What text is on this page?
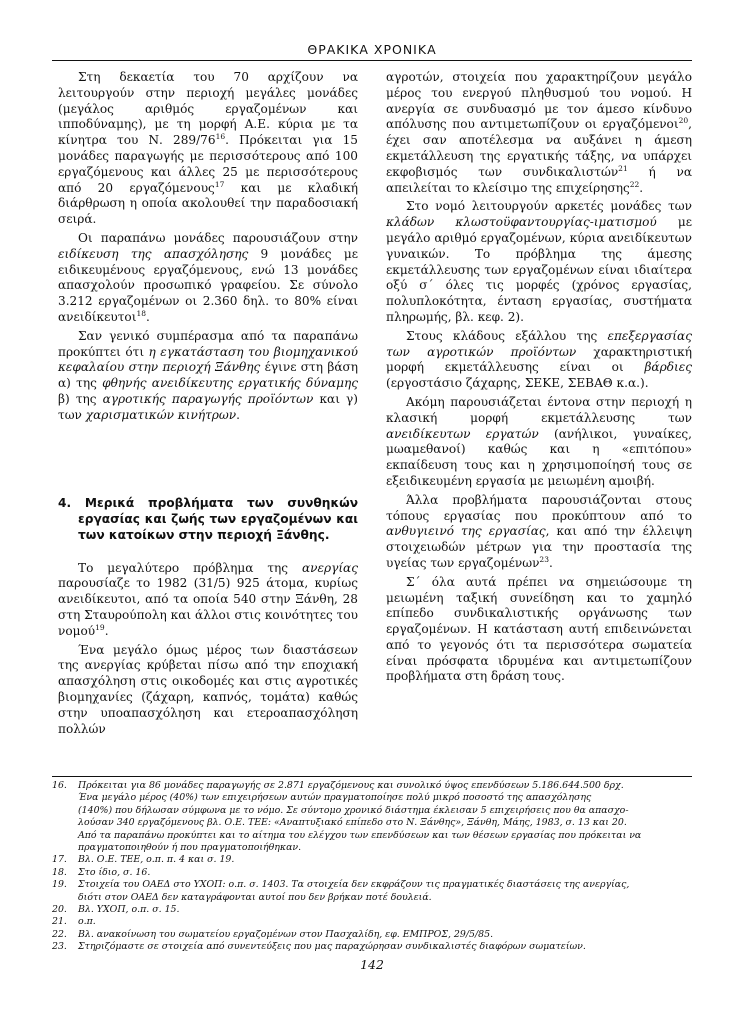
ΘΡΑΚΙΚΑ ΧΡΟΝΙΚΑ

Στη δεκαετία του 70 αρχίζουν να λειτουργούν στην περιοχή μεγάλες μονάδες (μεγάλος αριθμός εργαζομένων και ιπποδύναμης), με τη μορφή Α.Ε. κύρια με τα κίνητρα του Ν. $289/76^{16}$. Πρόκειται για 15 μονάδες παραγωγής με περισσότερους από 100 εργαζόμενους και άλλες 25 με περισσότερους από 20 εργαζόμενους$^{17}$ και με κλαδική διάρθρωση η οποία ακολουθεί την παραδοσιακή σειρά.

Οι παραπάνω μονάδες παρουσιάζουν στην ειδίκευση της απασχόλησης 9 μονάδες με ειδικευμένους εργαζόμενους, ενώ 13 μονάδες απασχολούν προσωπικό γραφείου. Σε σύνολο 3.212 εργαζομένων οι 2.360 δηλ. το 80% είναι ανειδίκευτοι$^{18}$.

Σαν γενικό συμπέρασμα από τα παραπάνω προκύπτει ότι η εγκατάσταση του βιομηχανικού κεφαλαίου στην περιοχή Ξάνθης έγινε στη βάση α) της φθηνής ανειδίκευτης εργατικής δύναμης β) της αγροτικής παραγωγής προϊόντων και γ) των χαρισματικών κινήτρων.

4. Μερικά προβλήματα των συνθηκών εργασίας και ζωής των εργαζομένων και των κατοίκων στην περιοχή Ξάνθης.

Το μεγαλύτερο πρόβλημα της ανεργίας παρουσίαζε το 1982 (31/5) 925 άτομα, κυρίως ανειδίκευτοι, από τα οποία 540 στην Ξάνθη, 28 στη Σταυρούπολη και άλλοι στις κοινότητες του νομού$^{19}$.

Ένα μεγάλο όμως μέρος των διαστάσεων της ανεργίας κρύβεται πίσω από την εποχιακή απασχόληση στις οικοδομές και στις αγροτικές βιομηχανίες (ζάχαρη, καπνός, τομάτα) καθώς στην υποαπασχόληση και ετεροαπασχόληση πολλών

αγροτών, στοιχεία που χαρακτηρίζουν μεγάλο μέρος του ενεργού πληθυσμού του νομού. Η ανεργία σε συνδυασμό με τον άμεσο κίνδυνο απόλυσης που αντιμετωπίζουν οι εργαζόμενοι$^{20}$, έχει σαν αποτέλεσμα να αυξάνει η άμεση εκμετάλλευση της εργατικής τάξης, να υπάρχει εκφοβισμός των συνδικαλιστών$^{21}$ ή να απειλείται το κλείσιμο της επιχείρησης$^{22}$.

Στο νομό λειτουργούν αρκετές μονάδες των κλάδων κλωστοϋφαντουργίας-ιματισμού με μεγάλο αριθμό εργαζομένων, κύρια ανειδίκευτων γυναικών. Το πρόβλημα της άμεσης εκμετάλλευσης των εργαζομένων είναι ιδιαίτερα οξύ σ΄ όλες τις μορφές (χρόνος εργασίας, πολυπλοκότητα, ένταση εργασίας, συστήματα πληρωμής, βλ. κεφ. 2).

Στους κλάδους εξάλλου της επεξεργασίας των αγροτικών προϊόντων χαρακτηριστική μορφή εκμετάλλευσης είναι οι βάρδιες (εργοστάσιο ζάχαρης, ΣΕΚΕ, ΣΕΒΑΘ κ.α.).

Ακόμη παρουσιάζεται έντονα στην περιοχή η κλασική μορφή εκμετάλλευσης των ανειδίκευτων εργατών (ανήλικοι, γυναίκες, μωαμεθανοί) καθώς και η «επιτόπου» εκπαίδευση τους και η χρησιμοποίησή τους σε εξειδικευμένη εργασία με μειωμένη αμοιβή.

Άλλα προβλήματα παρουσιάζονται στους τόπους εργασίας που προκύπτουν από το ανθυγιεινό της εργασίας, και από την έλλειψη στοιχειωδών μέτρων για την προστασία της υγείας των εργαζομένων$^{23}$.

Σ΄ όλα αυτά πρέπει να σημειώσουμε τη μειωμένη ταξική συνείδηση και το χαμηλό επίπεδο συνδικαλιστικής οργάνωσης των εργαζομένων. Η κατάσταση αυτή επιδεινώνεται από το γεγονός ότι τα περισσότερα σωματεία είναι πρόσφατα ιδρυμένα και αντιμετωπίζουν προβλήματα στη δράση τους.

16.	Πρόκειται για 86 μονάδες παραγωγής σε 2.871 εργαζόμενους και συνολικό ύψος επενδύσεων 5.186.644.500 δρχ.
Ένα μεγάλο μέρος (40%) των επιχειρήσεων αυτών πραγματοποίησε πολύ μικρό ποσοστό της απασχόλησης
(140%) που δήλωσαν σύμφωνα με το νόμο. Σε σύντομο χρονικό διάστημα έκλεισαν 5 επιχειρήσεις που θα απασχο-
λούσαν 340 εργαζόμενους βλ. Ο.Ε. ΤΕΕ: «Αναπτυξιακό επίπεδο στο Ν. Ξάνθης», Ξάνθη, Μάης, 1983, σ. 13 και 20.
Από τα παραπάνω προκύπτει και το αίτημα του ελέγχου των επενδύσεων και των θέσεων εργασίας που πρόκειται να
πραγματοποιηθούν ή που πραγματοποιήθηκαν.
17.	Βλ. Ο.Ε. ΤΕΕ, ο.π. π. 4 και σ. 19.
18.	Στο ίδιο, σ. 16.
19.	Στοιχεία του ΟΑΕΔ στο ΥΧΟΠ: ο.π. σ. 1403. Τα στοιχεία δεν εκφράζουν τις πραγματικές διαστάσεις της ανεργίας,
διότι στον ΟΑΕΔ δεν καταγράφονται αυτοί που δεν βρήκαν ποτέ δουλειά.
20.	Βλ. ΥΧΟΠ, ο.π. σ. 15.
21.	ο.π.
22.	Βλ. ανακοίνωση του σωματείου εργαζομένων στον Πασχαλίδη, εφ. ΕΜΠΡΟΣ, 29/5/85.
23.	Στηριζόμαστε σε στοιχεία από συνεντεύξεις που μας παραχώρησαν συνδικαλιστές διαφόρων σωματείων.
142
